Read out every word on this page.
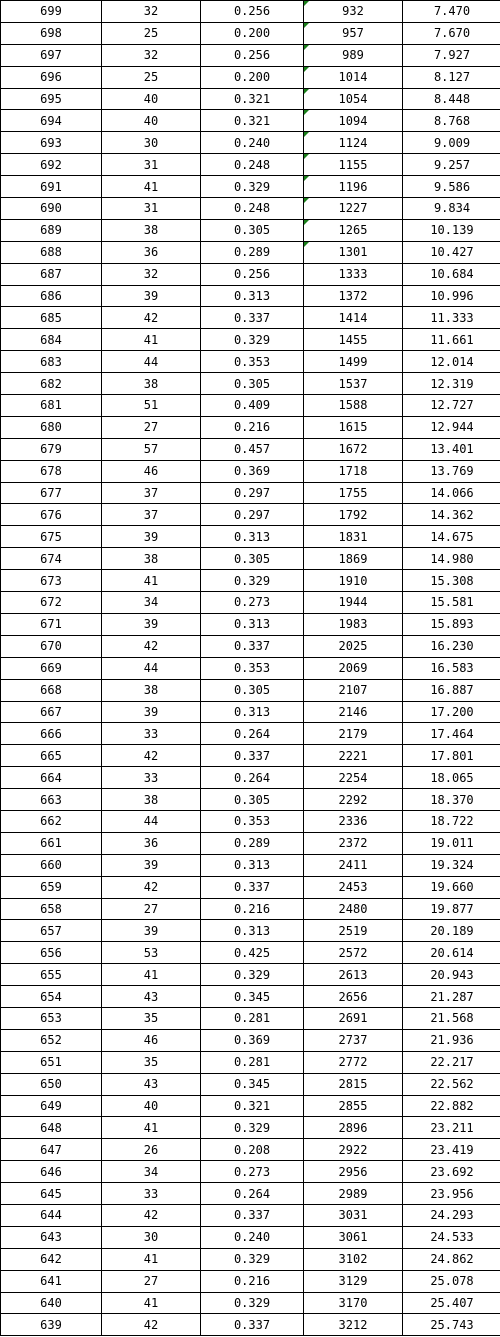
699	32	0.256	932	7.470
698	25	0.200	957	7.670
697	32	0.256	989	7.927
696	25	0.200	1014	8.127
695	40	0.321	1054	8.448
694	40	0.321	1094	8.768
693	30	0.240	1124	9.009
692	31	0.248	1155	9.257
691	41	0.329	1196	9.586
690	31	0.248	1227	9.834
689	38	0.305	1265	10.139
688	36	0.289	1301	10.427
687	32	0.256	1333	10.684
686	39	0.313	1372	10.996
685	42	0.337	1414	11.333
684	41	0.329	1455	11.661
683	44	0.353	1499	12.014
682	38	0.305	1537	12.319
681	51	0.409	1588	12.727
680	27	0.216	1615	12.944
679	57	0.457	1672	13.401
678	46	0.369	1718	13.769
677	37	0.297	1755	14.066
676	37	0.297	1792	14.362
675	39	0.313	1831	14.675
674	38	0.305	1869	14.980
673	41	0.329	1910	15.308
672	34	0.273	1944	15.581
671	39	0.313	1983	15.893
670	42	0.337	2025	16.230
669	44	0.353	2069	16.583
668	38	0.305	2107	16.887
667	39	0.313	2146	17.200
666	33	0.264	2179	17.464
665	42	0.337	2221	17.801
664	33	0.264	2254	18.065
663	38	0.305	2292	18.370
662	44	0.353	2336	18.722
661	36	0.289	2372	19.011
660	39	0.313	2411	19.324
659	42	0.337	2453	19.660
658	27	0.216	2480	19.877
657	39	0.313	2519	20.189
656	53	0.425	2572	20.614
655	41	0.329	2613	20.943
654	43	0.345	2656	21.287
653	35	0.281	2691	21.568
652	46	0.369	2737	21.936
651	35	0.281	2772	22.217
650	43	0.345	2815	22.562
649	40	0.321	2855	22.882
648	41	0.329	2896	23.211
647	26	0.208	2922	23.419
646	34	0.273	2956	23.692
645	33	0.264	2989	23.956
644	42	0.337	3031	24.293
643	30	0.240	3061	24.533
642	41	0.329	3102	24.862
641	27	0.216	3129	25.078
640	41	0.329	3170	25.407
639	42	0.337	3212	25.743
